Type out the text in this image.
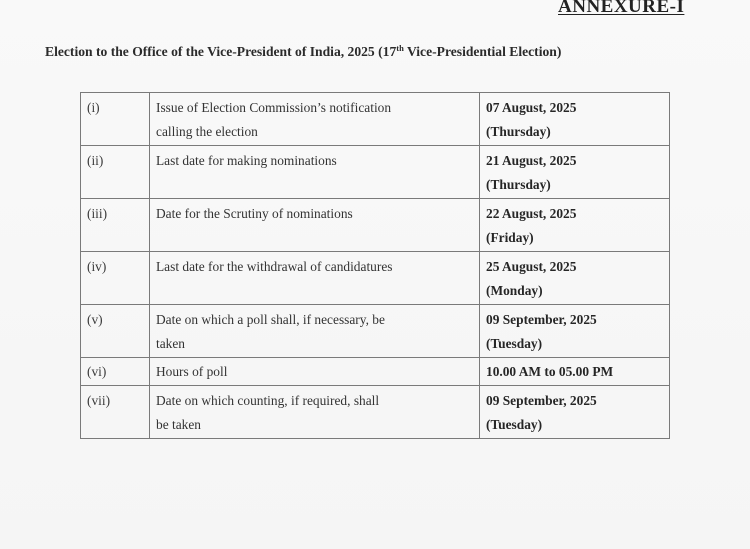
ANNEXURE-I
Election to the Office of the Vice-President of India, 2025 (17th Vice-Presidential Election)
(i)	Issue of Election Commission’s notification
calling the election	07 August, 2025
(Thursday)

(ii)	Last date for making nominations	21 August, 2025
(Thursday)

(iii)	Date for the Scrutiny of nominations	22 August, 2025
(Friday)

(iv)	Last date for the withdrawal of candidatures	25 August, 2025
(Monday)

(v)	Date on which a poll shall, if necessary, be
taken	09 September, 2025
(Tuesday)

(vi)	Hours of poll	10.00 AM to 05.00 PM

(vii)	Date on which counting, if required, shall
be taken	09 September, 2025
(Tuesday)
